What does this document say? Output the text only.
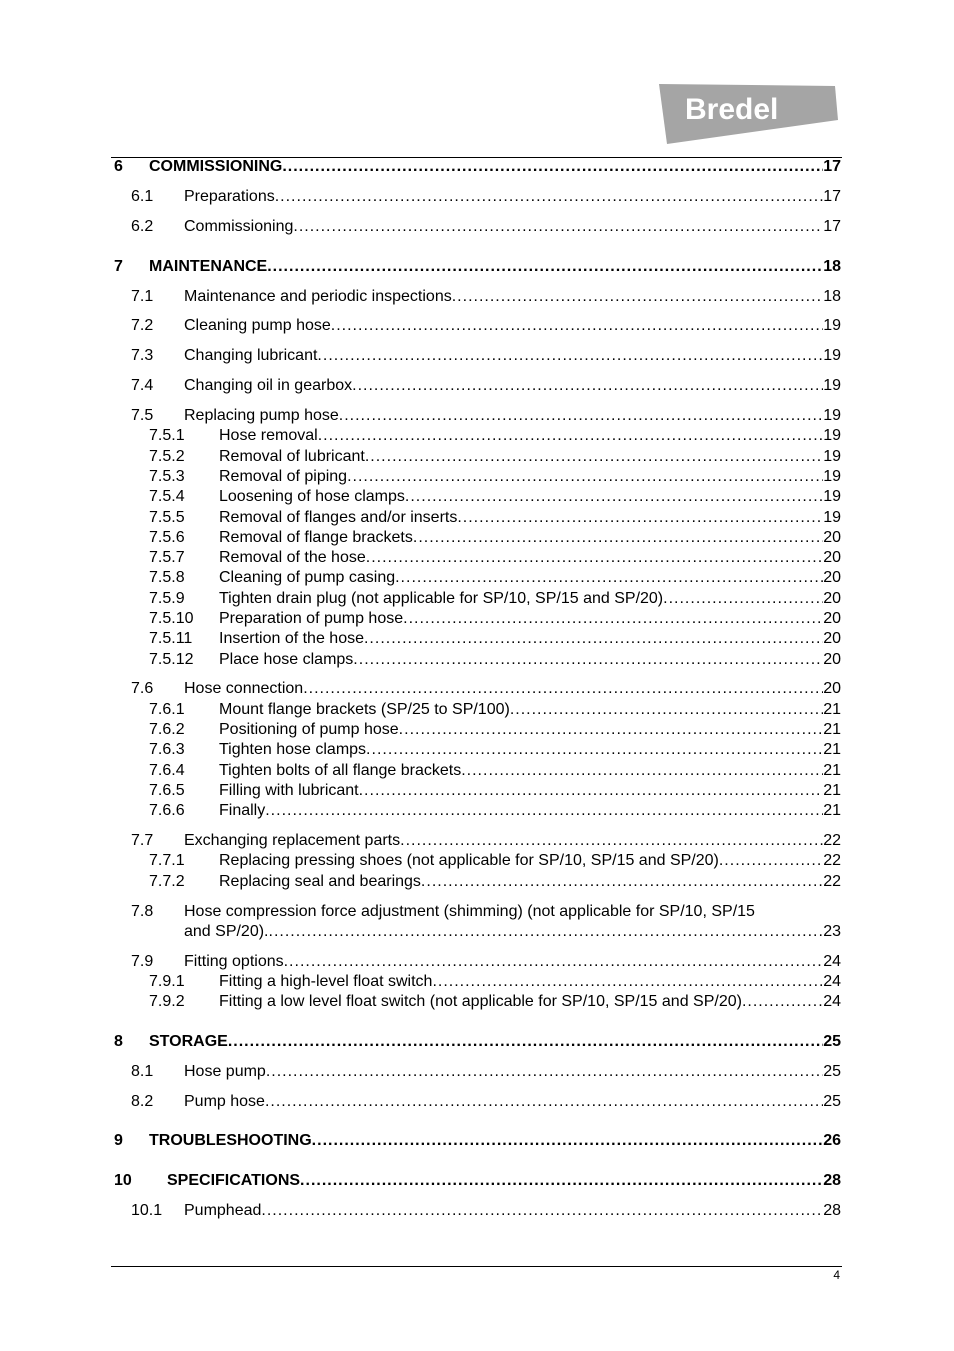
Bredel
6 COMMISSIONING .....	17
6.1 Preparations .....	17
6.2 Commissioning .....	17
7 MAINTENANCE .....	18
7.1 Maintenance and periodic inspections .....	18
7.2 Cleaning pump hose .....	19
7.3 Changing lubricant .....	19
7.4 Changing oil in gearbox .....	19
7.5 Replacing pump hose .....	19
7.5.1 Hose removal .....	19
7.5.2 Removal of lubricant .....	19
7.5.3 Removal of piping .....	19
7.5.4 Loosening of hose clamps .....	19
7.5.5 Removal of flanges and/or inserts .....	19
7.5.6 Removal of flange brackets .....	20
7.5.7 Removal of the hose .....	20
7.5.8 Cleaning of pump casing .....	20
7.5.9 Tighten drain plug (not applicable for SP/10, SP/15 and SP/20) .....	20
7.5.10 Preparation of pump hose .....	20
7.5.11 Insertion of the hose .....	20
7.5.12 Place hose clamps .....	20
7.6 Hose connection .....	20
7.6.1 Mount flange brackets (SP/25 to SP/100) .....	21
7.6.2 Positioning of pump hose .....	21
7.6.3 Tighten hose clamps .....	21
7.6.4 Tighten bolts of all flange brackets .....	21
7.6.5 Filling with lubricant .....	21
7.6.6 Finally .....	21
7.7 Exchanging replacement parts .....	22
7.7.1 Replacing pressing shoes (not applicable for SP/10, SP/15 and SP/20) .....	22
7.7.2 Replacing seal and bearings .....	22
7.8 Hose compression force adjustment (shimming) (not applicable for SP/10, SP/15
and SP/20). .....	23
7.9 Fitting options .....	24
7.9.1 Fitting a high-level float switch .....	24
7.9.2 Fitting a low level float switch (not applicable for SP/10, SP/15 and SP/20) .....	24
8 STORAGE .....	25
8.1 Hose pump .....	25
8.2 Pump hose .....	25
9 TROUBLESHOOTING .....	26
10 SPECIFICATIONS .....	28
10.1 Pumphead .....	28
4
